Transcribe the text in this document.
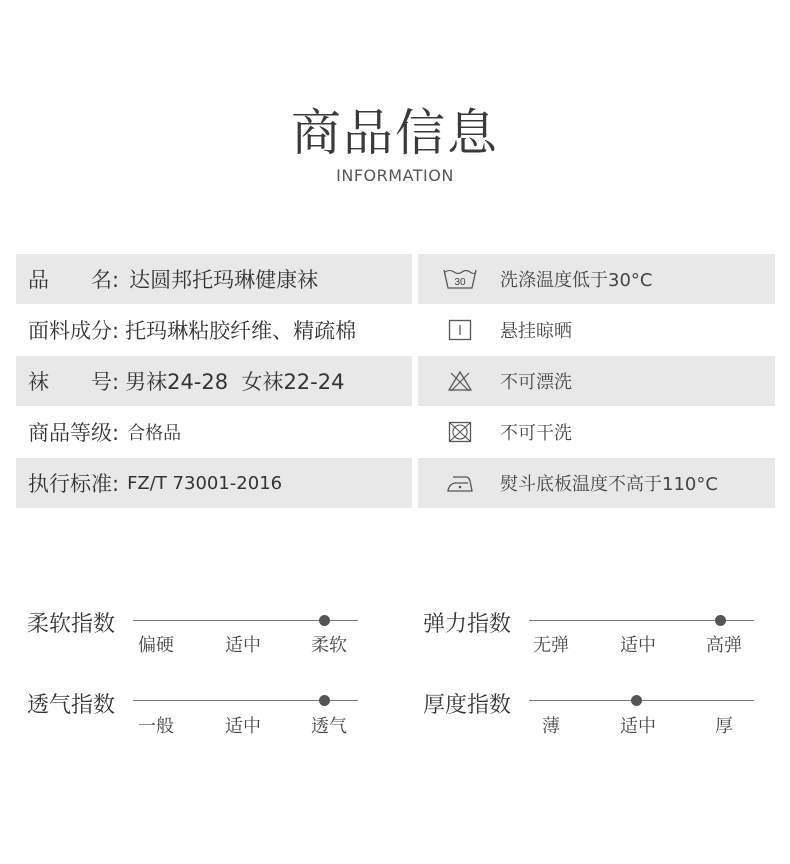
商品信息
INFORMATION
品　　名: 达圆邦托玛琳健康袜
面料成分: 托玛琳粘胶纤维、精疏棉
袜　　号: 男袜24-28  女袜22-24
商品等级: 合格品
执行标准: FZ/T 73001-2016
30 洗涤温度低于30°C
悬挂晾晒
不可漂洗
不可干洗
熨斗底板温度不高于110°C
柔软指数
偏硬	适中	柔软
弹力指数
无弹	适中	高弹
透气指数
一般	适中	透气
厚度指数
薄	适中	厚
